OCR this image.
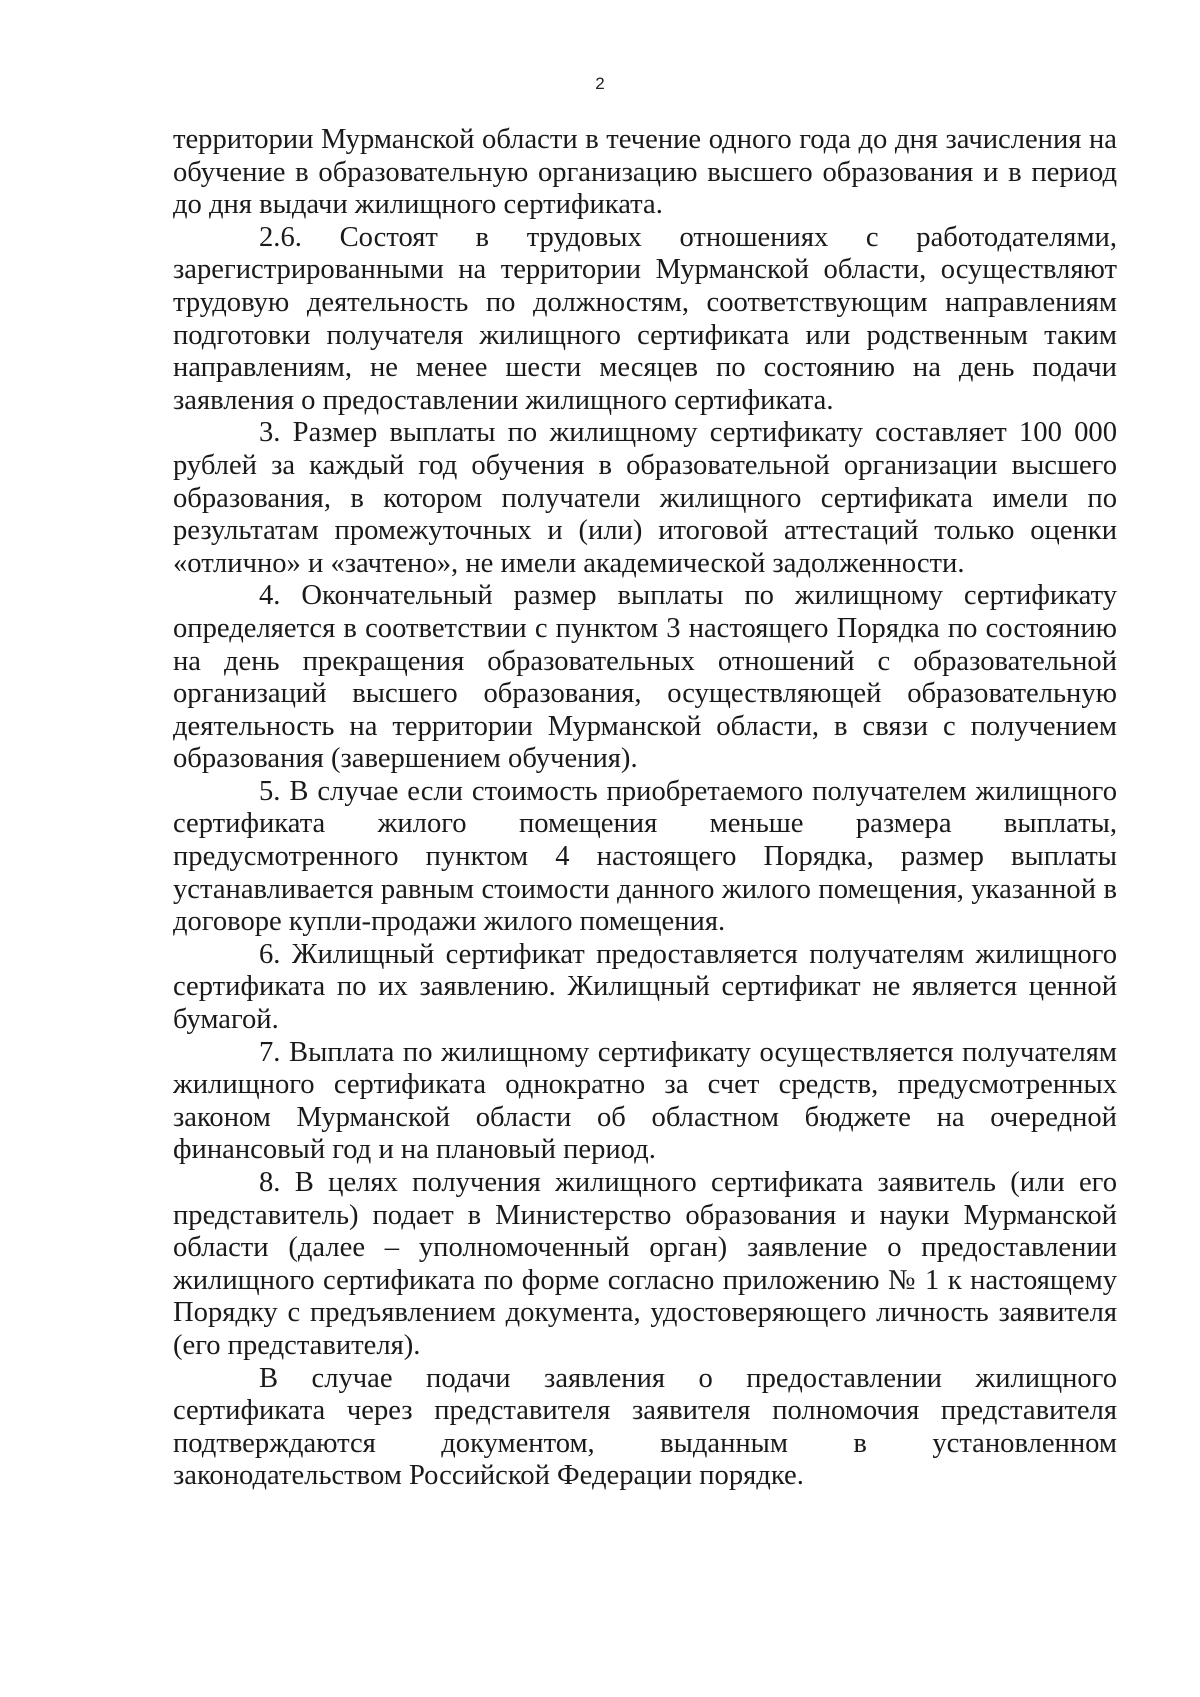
2

территории Мурманской области в течение одного года до дня зачисления на обучение в образовательную организацию высшего образования и в период до дня выдачи жилищного сертификата.

2.6. Состоят в трудовых отношениях с работодателями, зарегистрированными на территории Мурманской области, осуществляют трудовую деятельность по должностям, соответствующим направлениям подготовки получателя жилищного сертификата или родственным таким направлениям, не менее шести месяцев по состоянию на день подачи заявления о предоставлении жилищного сертификата.

3. Размер выплаты по жилищному сертификату составляет 100 000 рублей за каждый год обучения в образовательной организации высшего образования, в котором получатели жилищного сертификата имели по результатам промежуточных и (или) итоговой аттестаций только оценки «отлично» и «зачтено», не имели академической задолженности.

4. Окончательный размер выплаты по жилищному сертификату определяется в соответствии с пунктом 3 настоящего Порядка по состоянию на день прекращения образовательных отношений с образовательной организаций высшего образования, осуществляющей образовательную деятельность на территории Мурманской области, в связи с получением образования (завершением обучения).

5. В случае если стоимость приобретаемого получателем жилищного сертификата жилого помещения меньше размера выплаты, предусмотренного пунктом 4 настоящего Порядка, размер выплаты устанавливается равным стоимости данного жилого помещения, указанной в договоре купли-продажи жилого помещения.

6. Жилищный сертификат предоставляется получателям жилищного сертификата по их заявлению. Жилищный сертификат не является ценной бумагой.

7. Выплата по жилищному сертификату осуществляется получателям жилищного сертификата однократно за счет средств, предусмотренных законом Мурманской области об областном бюджете на очередной финансовый год и на плановый период.

8. В целях получения жилищного сертификата заявитель (или его представитель) подает в Министерство образования и науки Мурманской области (далее – уполномоченный орган) заявление о предоставлении жилищного сертификата по форме согласно приложению № 1 к настоящему Порядку с предъявлением документа, удостоверяющего личность заявителя (его представителя).

В случае подачи заявления о предоставлении жилищного сертификата через представителя заявителя полномочия представителя подтверждаются документом, выданным в установленном законодательством Российской Федерации порядке.
